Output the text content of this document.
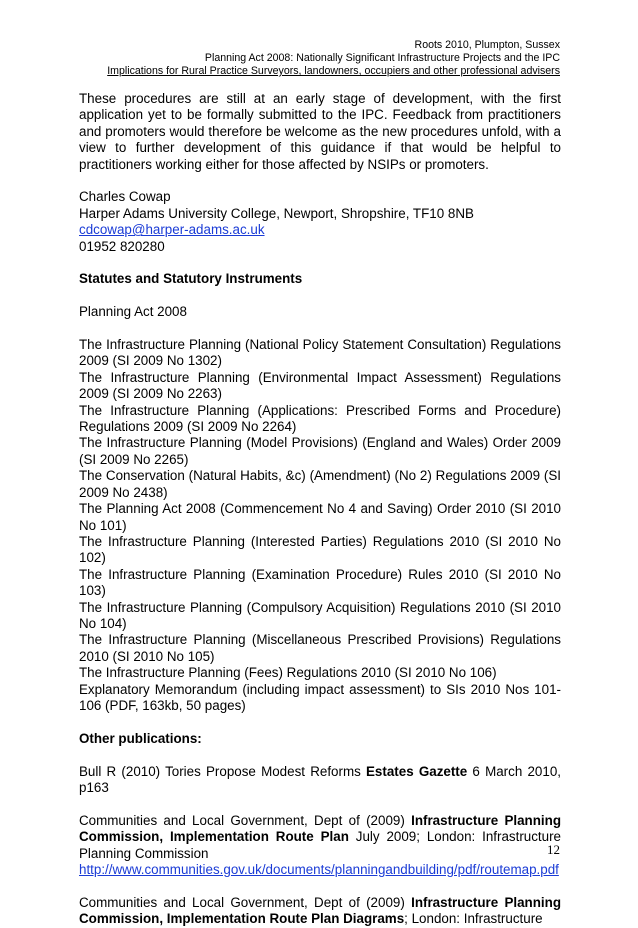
Roots 2010, Plumpton, Sussex
Planning Act 2008: Nationally Significant Infrastructure Projects and the IPC
Implications for Rural Practice Surveyors, landowners, occupiers and other professional advisers

These procedures are still at an early stage of development, with the first application yet to be formally submitted to the IPC. Feedback from practitioners and promoters would therefore be welcome as the new procedures unfold, with a view to further development of this guidance if that would be helpful to practitioners working either for those affected by NSIPs or promoters.

Charles Cowap

Harper Adams University College, Newport, Shropshire, TF10 8NB

cdcowap@harper-adams.ac.uk

01952 820280

Statutes and Statutory Instruments

Planning Act 2008

The Infrastructure Planning (National Policy Statement Consultation) Regulations 2009 (SI 2009 No 1302)

The Infrastructure Planning (Environmental Impact Assessment) Regulations 2009 (SI 2009 No 2263)

The Infrastructure Planning (Applications: Prescribed Forms and Procedure) Regulations 2009 (SI 2009 No 2264)

The Infrastructure Planning (Model Provisions) (England and Wales) Order 2009 (SI 2009 No 2265)

The Conservation (Natural Habits, &c) (Amendment) (No 2) Regulations 2009 (SI 2009 No 2438)

The Planning Act 2008 (Commencement No 4 and Saving) Order 2010 (SI 2010 No 101)

The Infrastructure Planning (Interested Parties) Regulations 2010 (SI 2010 No 102)

The Infrastructure Planning (Examination Procedure) Rules 2010 (SI 2010 No 103)

The Infrastructure Planning (Compulsory Acquisition) Regulations 2010 (SI 2010 No 104)

The Infrastructure Planning (Miscellaneous Prescribed Provisions) Regulations 2010 (SI 2010 No 105)

The Infrastructure Planning (Fees) Regulations 2010 (SI 2010 No 106)

Explanatory Memorandum (including impact assessment) to SIs 2010 Nos 101-106 (PDF, 163kb, 50 pages)

Other publications:

Bull R (2010) Tories Propose Modest Reforms Estates Gazette 6 March 2010, p163

Communities and Local Government, Dept of (2009) Infrastructure Planning Commission, Implementation Route Plan July 2009; London: Infrastructure Planning Commission

http://www.communities.gov.uk/documents/planningandbuilding/pdf/routemap.pdf

Communities and Local Government, Dept of (2009) Infrastructure Planning Commission, Implementation Route Plan Diagrams; London: Infrastructure

12
